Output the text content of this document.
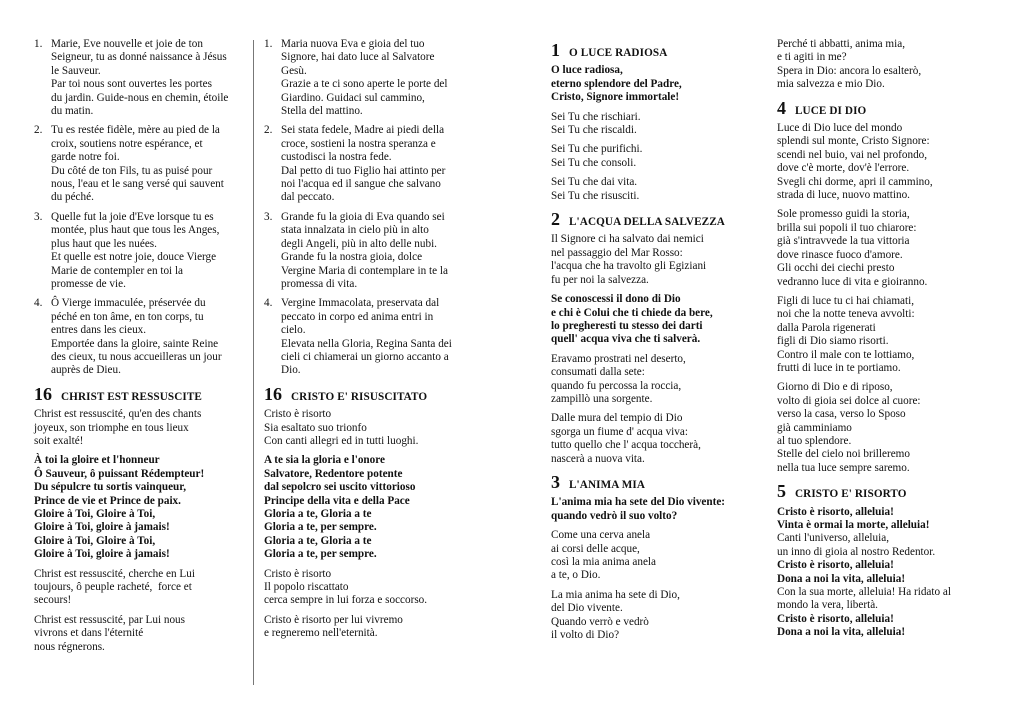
1. Marie, Eve nouvelle et joie de ton
Seigneur, tu as donné naissance à Jésus
le Sauveur.
Par toi nous sont ouvertes les portes
du jardin. Guide-nous en chemin, étoile
du matin.
2. Tu es restée fidèle, mère au pied de la
croix, soutiens notre espérance, et
garde notre foi.
Du côté de ton Fils, tu as puisé pour
nous, l'eau et le sang versé qui sauvent
du péché.
3. Quelle fut la joie d'Eve lorsque tu es
montée, plus haut que tous les Anges,
plus haut que les nuées.
Et quelle est notre joie, douce Vierge
Marie de contempler en toi la
promesse de vie.
4. Ô Vierge immaculée, préservée du
péché en ton âme, en ton corps, tu
entres dans les cieux.
Emportée dans la gloire, sainte Reine
des cieux, tu nous accueilleras un jour
auprès de Dieu.
16 CHRIST EST RESSUSCITE
Christ est ressuscité, qu'en des chants
joyeux, son triomphe en tous lieux
soit exalté!
À toi la gloire et l'honneur
Ô Sauveur, ô puissant Rédempteur!
Du sépulcre tu sortis vainqueur,
Prince de vie et Prince de paix.
Gloire à Toi, Gloire à Toi,
Gloire à Toi, gloire à jamais!
Gloire à Toi, Gloire à Toi,
Gloire à Toi, gloire à jamais!
Christ est ressuscité, cherche en Lui
toujours, ô peuple racheté,  force et
secours!
Christ est ressuscité, par Lui nous
vivrons et dans l'éternité
nous régnerons.
1. Maria nuova Eva e gioia del tuo
Signore, hai dato luce al Salvatore
Gesù.
Grazie a te ci sono aperte le porte del
Giardino. Guidaci sul cammino,
Stella del mattino.
2. Sei stata fedele, Madre ai piedi della
croce, sostieni la nostra speranza e
custodisci la nostra fede.
Dal petto di tuo Figlio hai attinto per
noi l'acqua ed il sangue che salvano
dal peccato.
3. Grande fu la gioia di Eva quando sei
stata innalzata in cielo più in alto
degli Angeli, più in alto delle nubi.
Grande fu la nostra gioia, dolce
Vergine Maria di contemplare in te la
promessa di vita.
4. Vergine Immacolata, preservata dal
peccato in corpo ed anima entri in
cielo.
Elevata nella Gloria, Regina Santa dei
cieli ci chiamerai un giorno accanto a
Dio.
16 CRISTO E' RISUSCITATO
Cristo è risorto
Sia esaltato suo trionfo
Con canti allegri ed in tutti luoghi.
A te sia la gloria e l'onore
Salvatore, Redentore potente
dal sepolcro sei uscito vittorioso
Principe della vita e della Pace
Gloria a te, Gloria a te
Gloria a te, per sempre.
Gloria a te, Gloria a te
Gloria a te, per sempre.
Cristo è risorto
Il popolo riscattato
cerca sempre in lui forza e soccorso.
Cristo è risorto per lui vivremo
e regneremo nell'eternità.
1 O LUCE RADIOSA
O luce radiosa,
eterno splendore del Padre,
Cristo, Signore immortale!
Sei Tu che rischiari.
Sei Tu che riscaldi.
Sei Tu che purifichi.
Sei Tu che consoli.
Sei Tu che dai vita.
Sei Tu che risusciti.
2 L'ACQUA DELLA SALVEZZA
Il Signore ci ha salvato dai nemici
nel passaggio del Mar Rosso:
l'acqua che ha travolto gli Egiziani
fu per noi la salvezza.
Se conoscessi il dono di Dio
e chi è Colui che ti chiede da bere,
lo pregheresti tu stesso dei darti
quell' acqua viva che ti salverà.
Eravamo prostrati nel deserto,
consumati dalla sete:
quando fu percossa la roccia,
zampillò una sorgente.
Dalle mura del tempio di Dio
sgorga un fiume d' acqua viva:
tutto quello che l' acqua toccherà,
nascerà a nuova vita.
3 L'ANIMA MIA
L'anima mia ha sete del Dio vivente:
quando vedrò il suo volto?
Come una cerva anela
ai corsi delle acque,
così la mia anima anela
a te, o Dio.
La mia anima ha sete di Dio,
del Dio vivente.
Quando verrò e vedrò
il volto di Dio?
Perché ti abbatti, anima mia,
e ti agiti in me?
Spera in Dio: ancora lo esalterò,
mia salvezza e mio Dio.
4 LUCE DI DIO
Luce di Dio luce del mondo
splendi sul monte, Cristo Signore:
scendi nel buio, vai nel profondo,
dove c'è morte, dov'è l'errore.
Svegli chi dorme, apri il cammino,
strada di luce, nuovo mattino.
Sole promesso guidi la storia,
brilla sui popoli il tuo chiarore:
già s'intravvede la tua vittoria
dove rinasce fuoco d'amore.
Gli occhi dei ciechi presto
vedranno luce di vita e gioiranno.
Figli di luce tu ci hai chiamati,
noi che la notte teneva avvolti:
dalla Parola rigenerati
figli di Dio siamo risorti.
Contro il male con te lottiamo,
frutti di luce in te portiamo.
Giorno di Dio e di riposo,
volto di gioia sei dolce al cuore:
verso la casa, verso lo Sposo
già camminiamo
al tuo splendore.
Stelle del cielo noi brilleremo
nella tua luce sempre saremo.
5 CRISTO E' RISORTO
Cristo è risorto, alleluia!
Vinta è ormai la morte, alleluia!
Canti l'universo, alleluia,
un inno di gioia al nostro Redentor.
Cristo è risorto, alleluia!
Dona a noi la vita, alleluia!
Con la sua morte, alleluia! Ha ridato al
mondo la vera, libertà.
Cristo è risorto, alleluia!
Dona a noi la vita, alleluia!
